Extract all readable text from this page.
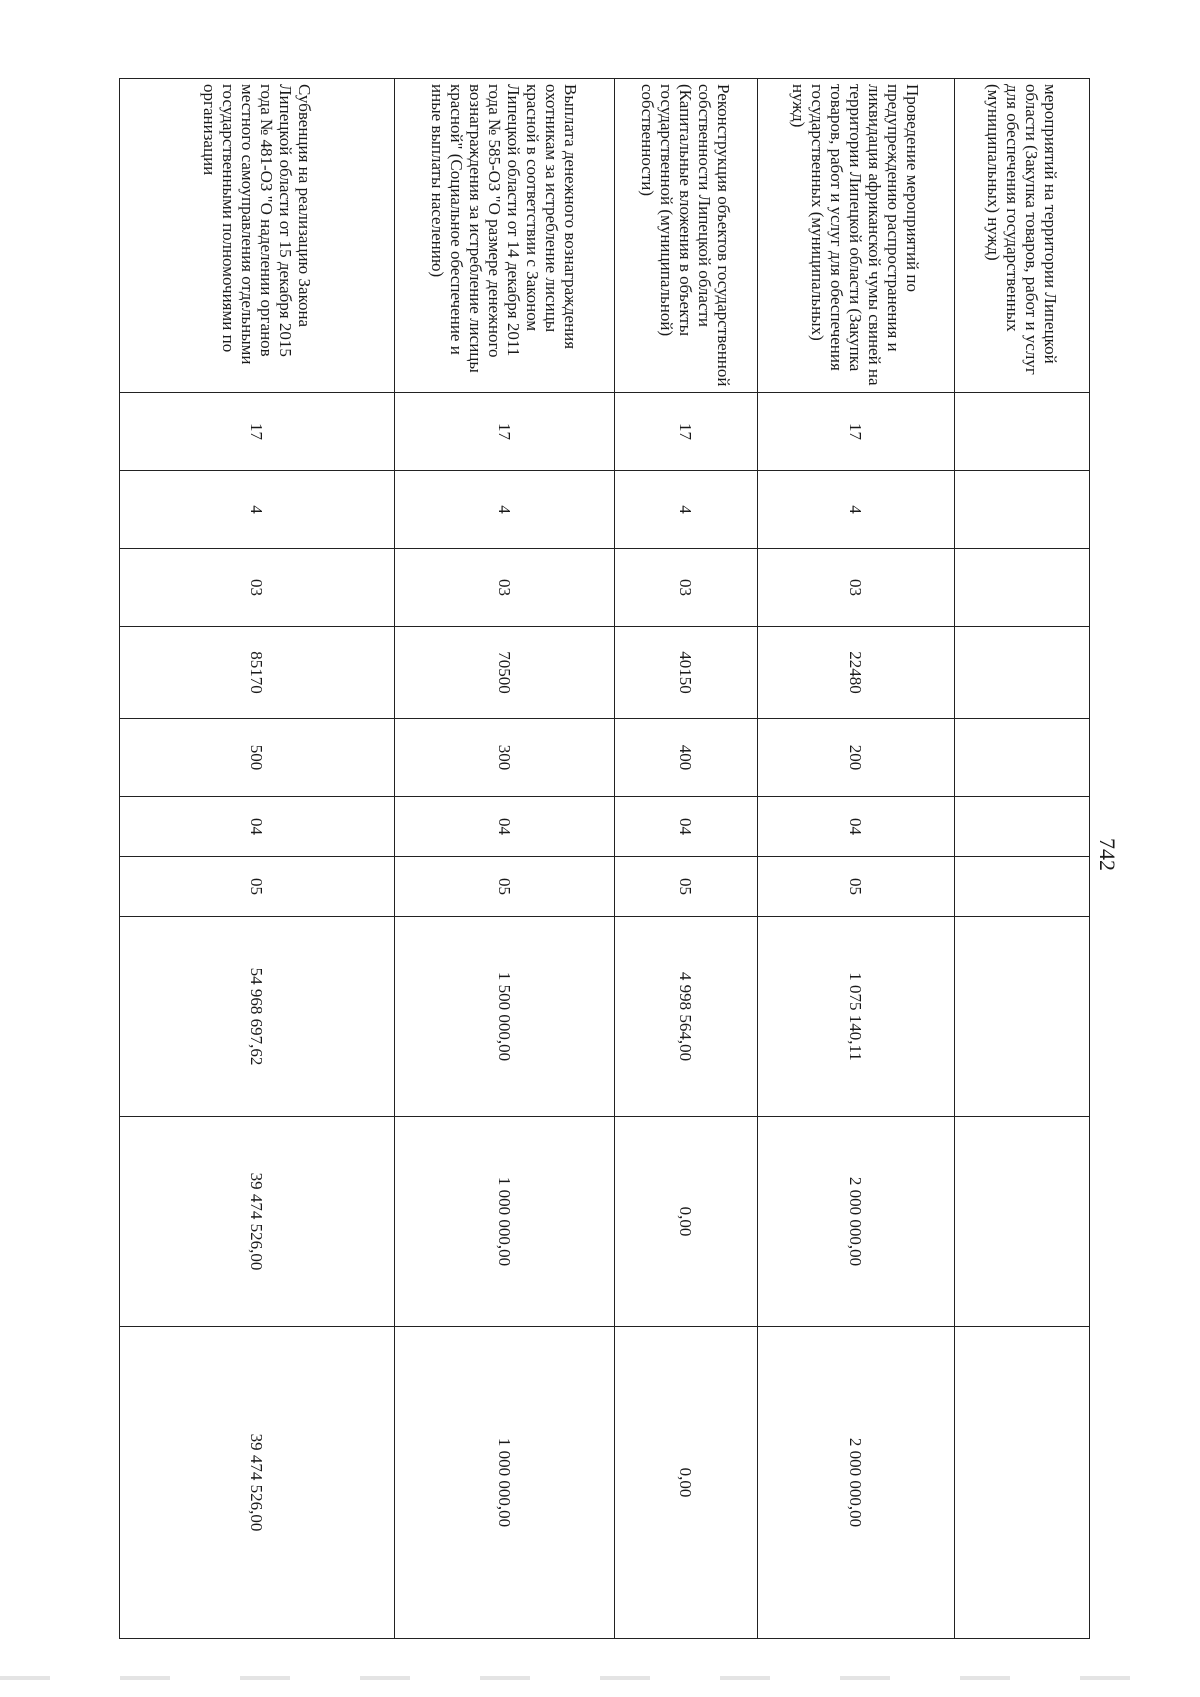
742
мероприятий на территории Липецкой области (Закупка товаров, работ и услуг для обеспечения государственных (муниципальных) нужд)										
Проведение мероприятий по предупреждению распространения и ликвидация африканской чумы свиней на территории Липецкой области (Закупка товаров, работ и услуг для обеспечения государственных (муниципальных) нужд)	17	4	03	22480	200	04	05	1 075 140,11	2 000 000,00	2 000 000,00
Реконструкция объектов государственной собственности Липецкой области (Капитальные вложения в объекты государственной (муниципальной) собственности)	17	4	03	40150	400	04	05	4 998 564,00	0,00	0,00
Выплата денежного вознаграждения охотникам за истребление лисицы красной в соответствии с Законом Липецкой области от 14 декабря 2011 года № 585-ОЗ "О размере денежного вознаграждения за истребление лисицы красной" (Социальное обеспечение и иные выплаты населению)	17	4	03	70500	300	04	05	1 500 000,00	1 000 000,00	1 000 000,00
Субвенция на реализацию Закона Липецкой области от 15 декабря 2015 года № 481-ОЗ "О наделении органов местного самоуправления отдельными государственными полномочиями по организации	17	4	03	85170	500	04	05	54 968 697,62	39 474 526,00	39 474 526,00
